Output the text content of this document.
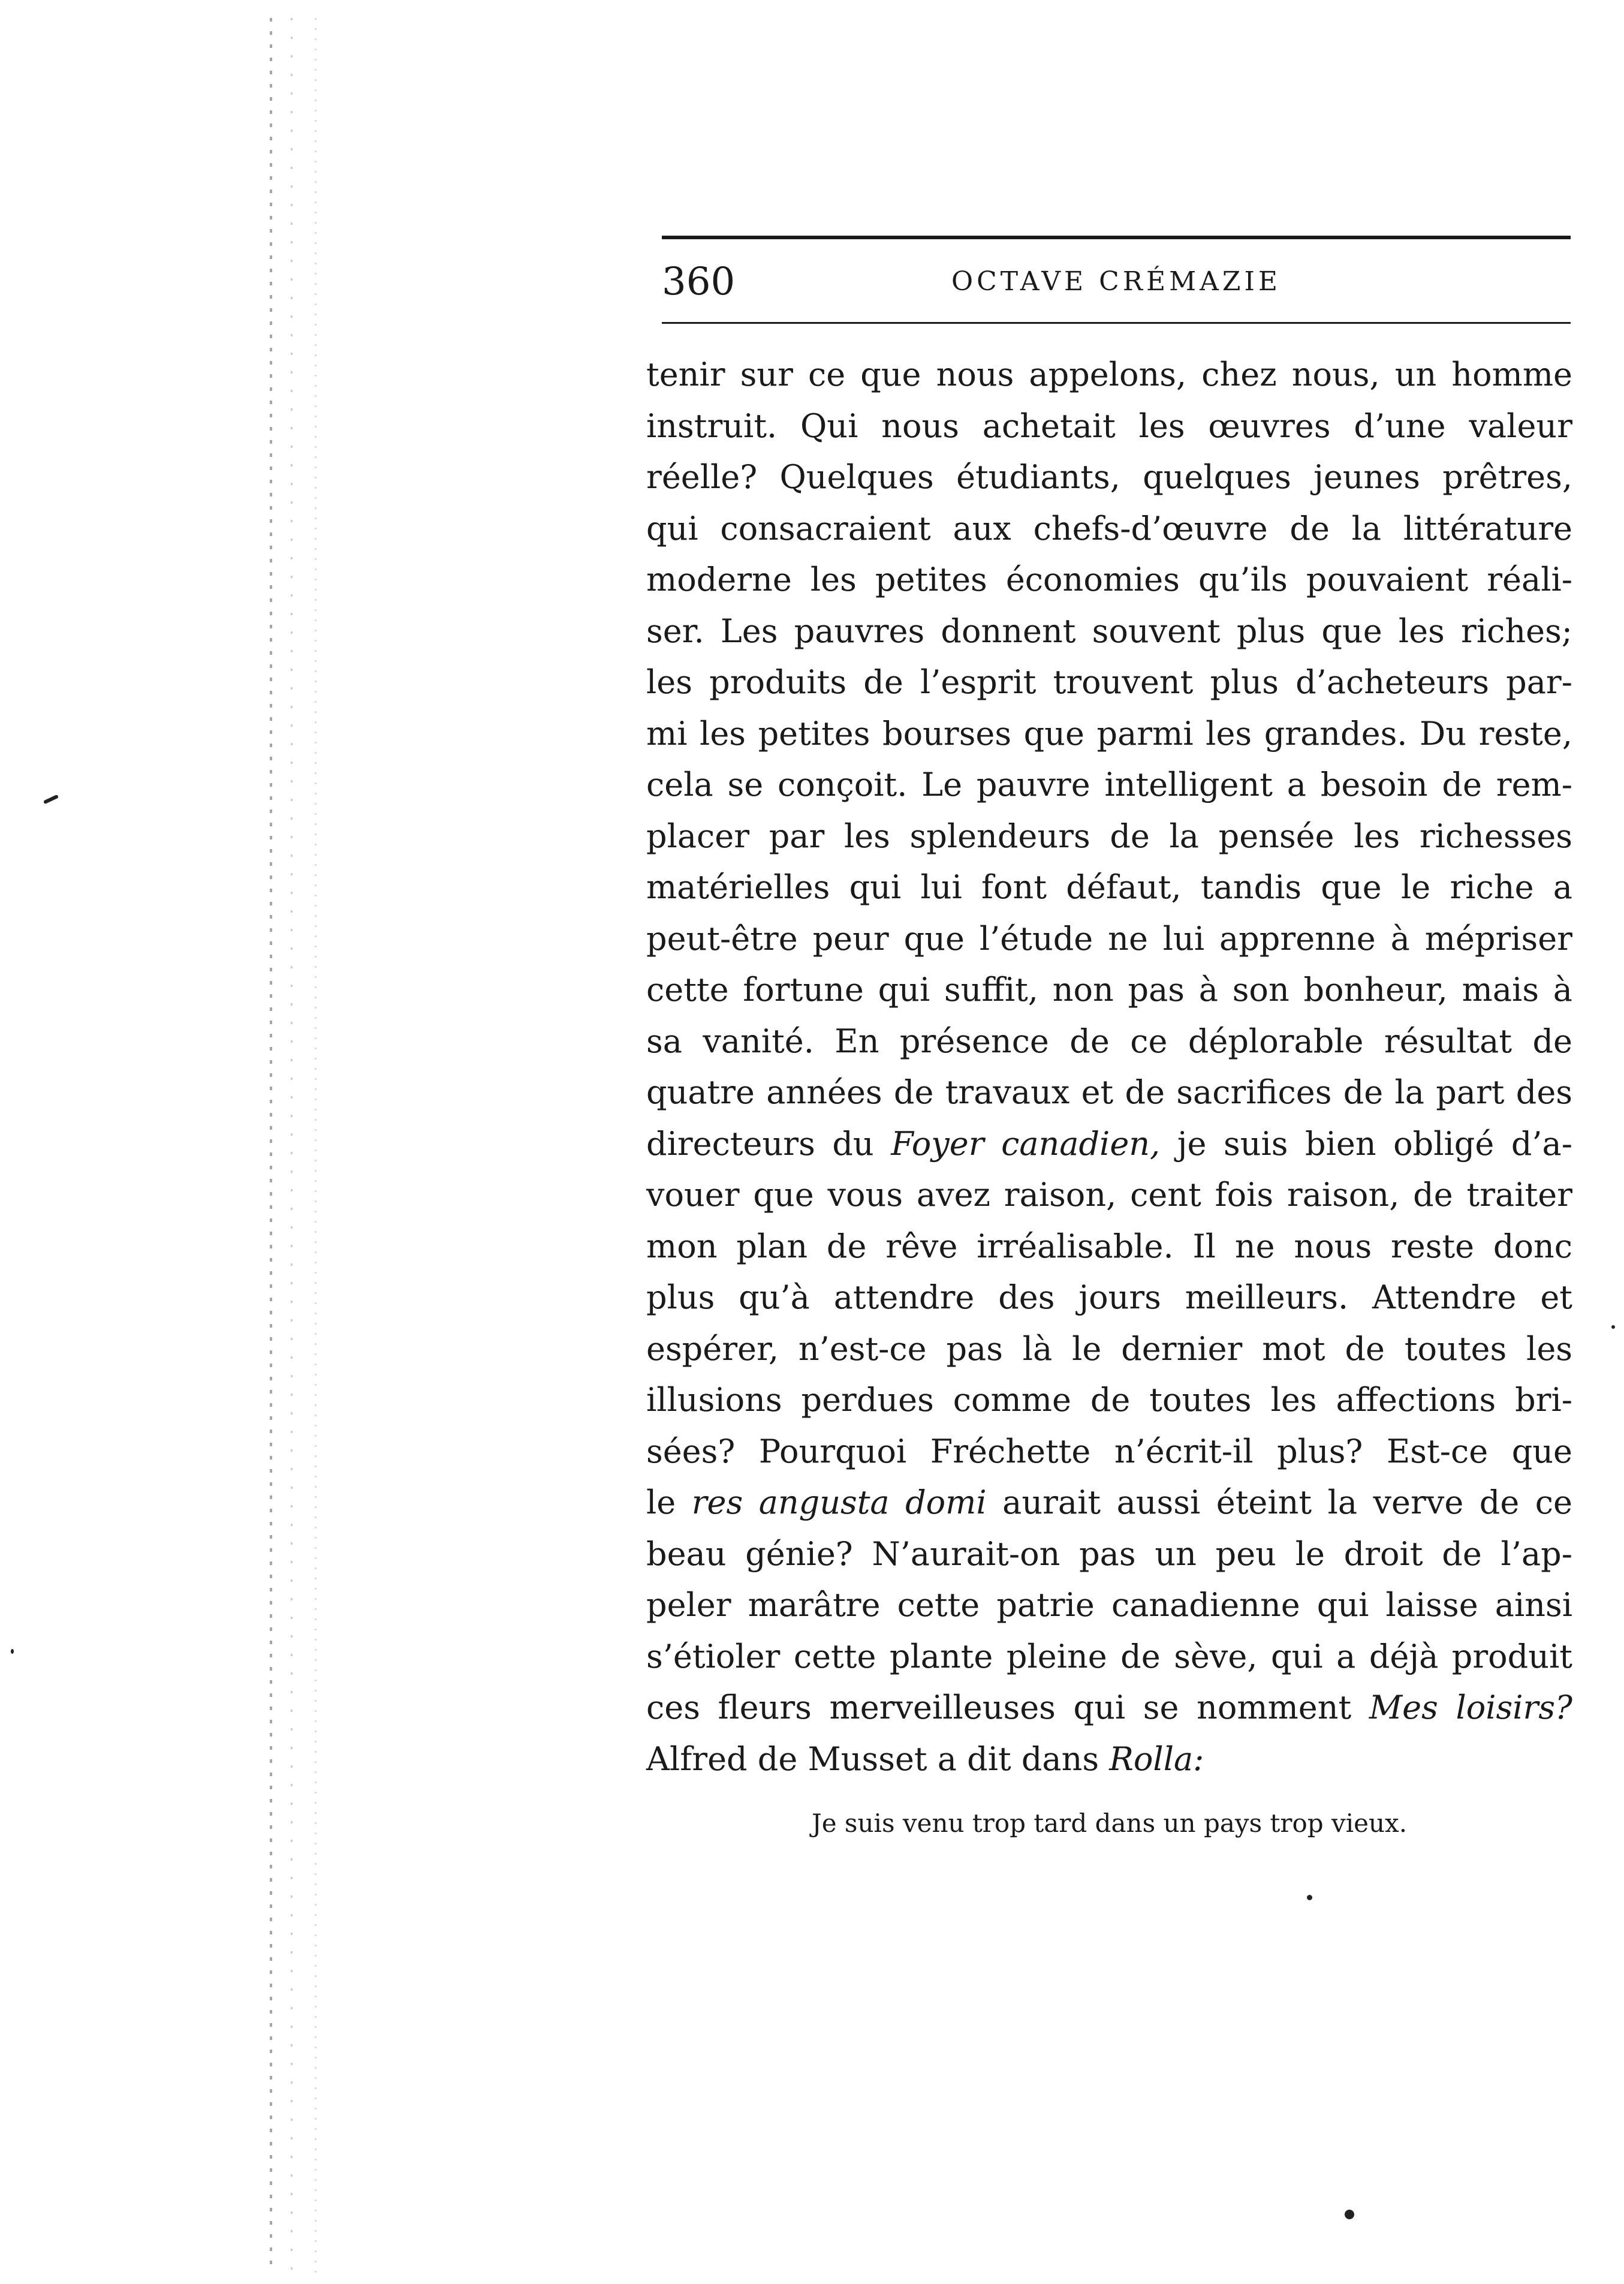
360	OCTAVE CRÉMAZIE
tenir sur ce que nous appelons, chez nous, un homme
instruit. Qui nous achetait les œuvres d’une valeur
réelle? Quelques étudiants, quelques jeunes prêtres,
qui consacraient aux chefs-d’œuvre de la littérature
moderne les petites économies qu’ils pouvaient réali-
ser. Les pauvres donnent souvent plus que les riches;
les produits de l’esprit trouvent plus d’acheteurs par-
mi les petites bourses que parmi les grandes. Du reste,
cela se conçoit. Le pauvre intelligent a besoin de rem-
placer par les splendeurs de la pensée les richesses
matérielles qui lui font défaut, tandis que le riche a
peut-être peur que l’étude ne lui apprenne à mépriser
cette fortune qui suffit, non pas à son bonheur, mais à
sa vanité. En présence de ce déplorable résultat de
quatre années de travaux et de sacrifices de la part des
directeurs du Foyer canadien, je suis bien obligé d’a-
vouer que vous avez raison, cent fois raison, de traiter
mon plan de rêve irréalisable. Il ne nous reste donc
plus qu’à attendre des jours meilleurs. Attendre et
espérer, n’est-ce pas là le dernier mot de toutes les
illusions perdues comme de toutes les affections bri-
sées? Pourquoi Fréchette n’écrit-il plus? Est-ce que
le res angusta domi aurait aussi éteint la verve de ce
beau génie? N’aurait-on pas un peu le droit de l’ap-
peler marâtre cette patrie canadienne qui laisse ainsi
s’étioler cette plante pleine de sève, qui a déjà produit
ces fleurs merveilleuses qui se nomment Mes loisirs?
Alfred de Musset a dit dans Rolla:
Je suis venu trop tard dans un pays trop vieux.
